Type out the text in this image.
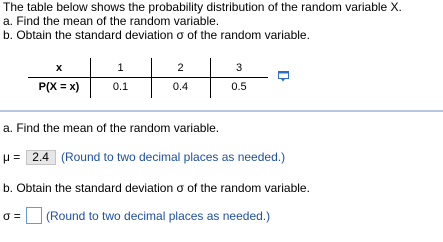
The table below shows the probability distribution of the random variable X.
a. Find the mean of the random variable.
b. Obtain the standard deviation σ of the random variable.
x	1	2	3
P(X = x)	0.1	0.4	0.5
a. Find the mean of the random variable.
μ = 2.4 (Round to two decimal places as needed.)
b. Obtain the standard deviation σ of the random variable.
σ = (Round to two decimal places as needed.)
